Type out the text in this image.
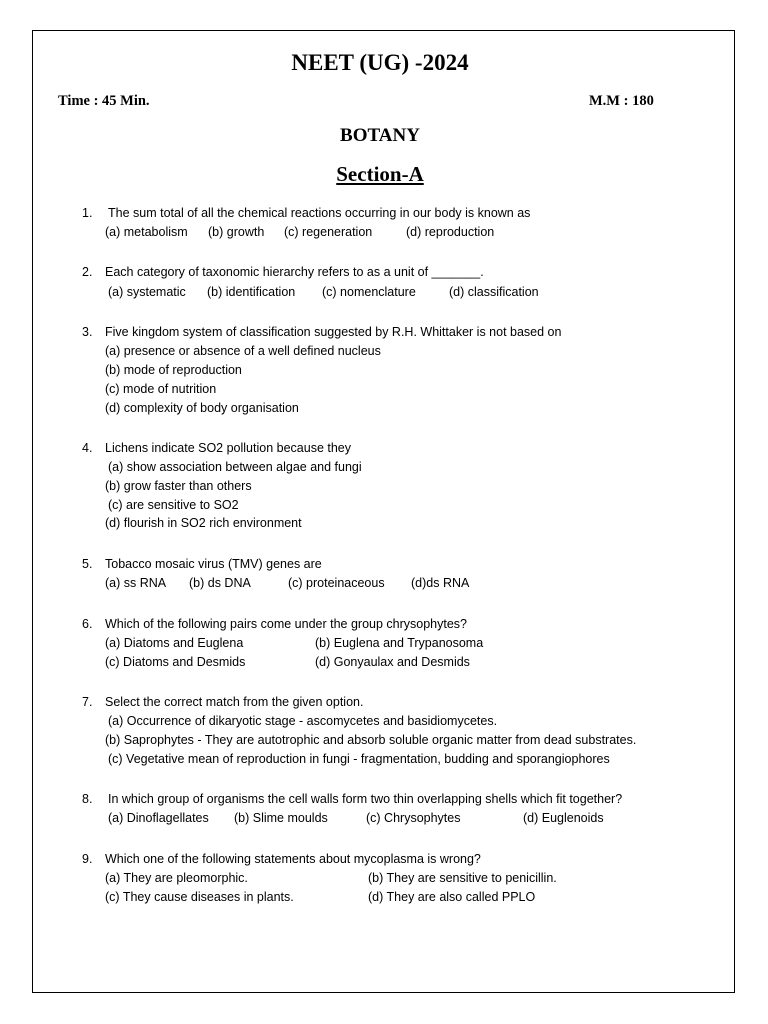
NEET (UG) -2024
Time : 45 Min.	M.M : 180
BOTANY
Section-A
1. The sum total of all the chemical reactions occurring in our body is known as
(a) metabolism (b) growth (c) regeneration	(d) reproduction
2. Each category of taxonomic hierarchy refers to as a unit of _______.
(a) systematic (b) identification (c) nomenclature	(d) classification
3. Five kingdom system of classification suggested by R.H. Whittaker is not based on
(a) presence or absence of a well defined nucleus
(b) mode of reproduction
(c) mode of nutrition
(d) complexity of body organisation
4. Lichens indicate SO2 pollution because they
(a) show association between algae and fungi
(b) grow faster than others
(c) are sensitive to SO2
(d) flourish in SO2 rich environment
5. Tobacco mosaic virus (TMV) genes are
(a) ss RNA (b) ds DNA	(c) proteinaceous (d)ds RNA
6. Which of the following pairs come under the group chrysophytes?
(a) Diatoms and Euglena	(b) Euglena and Trypanosoma
(c) Diatoms and Desmids	(d) Gonyaulax and Desmids
7. Select the correct match from the given option.
(a) Occurrence of dikaryotic stage - ascomycetes and basidiomycetes.
(b) Saprophytes - They are autotrophic and absorb soluble organic matter from dead substrates.
(c) Vegetative mean of reproduction in fungi - fragmentation, budding and sporangiophores
8. In which group of organisms the cell walls form two thin overlapping shells which fit together?
(a) Dinoflagellates (b) Slime moulds	(c) Chrysophytes	(d) Euglenoids
9. Which one of the following statements about mycoplasma is wrong?
(a) They are pleomorphic.	(b) They are sensitive to penicillin.
(c) They cause diseases in plants.	(d) They are also called PPLO
